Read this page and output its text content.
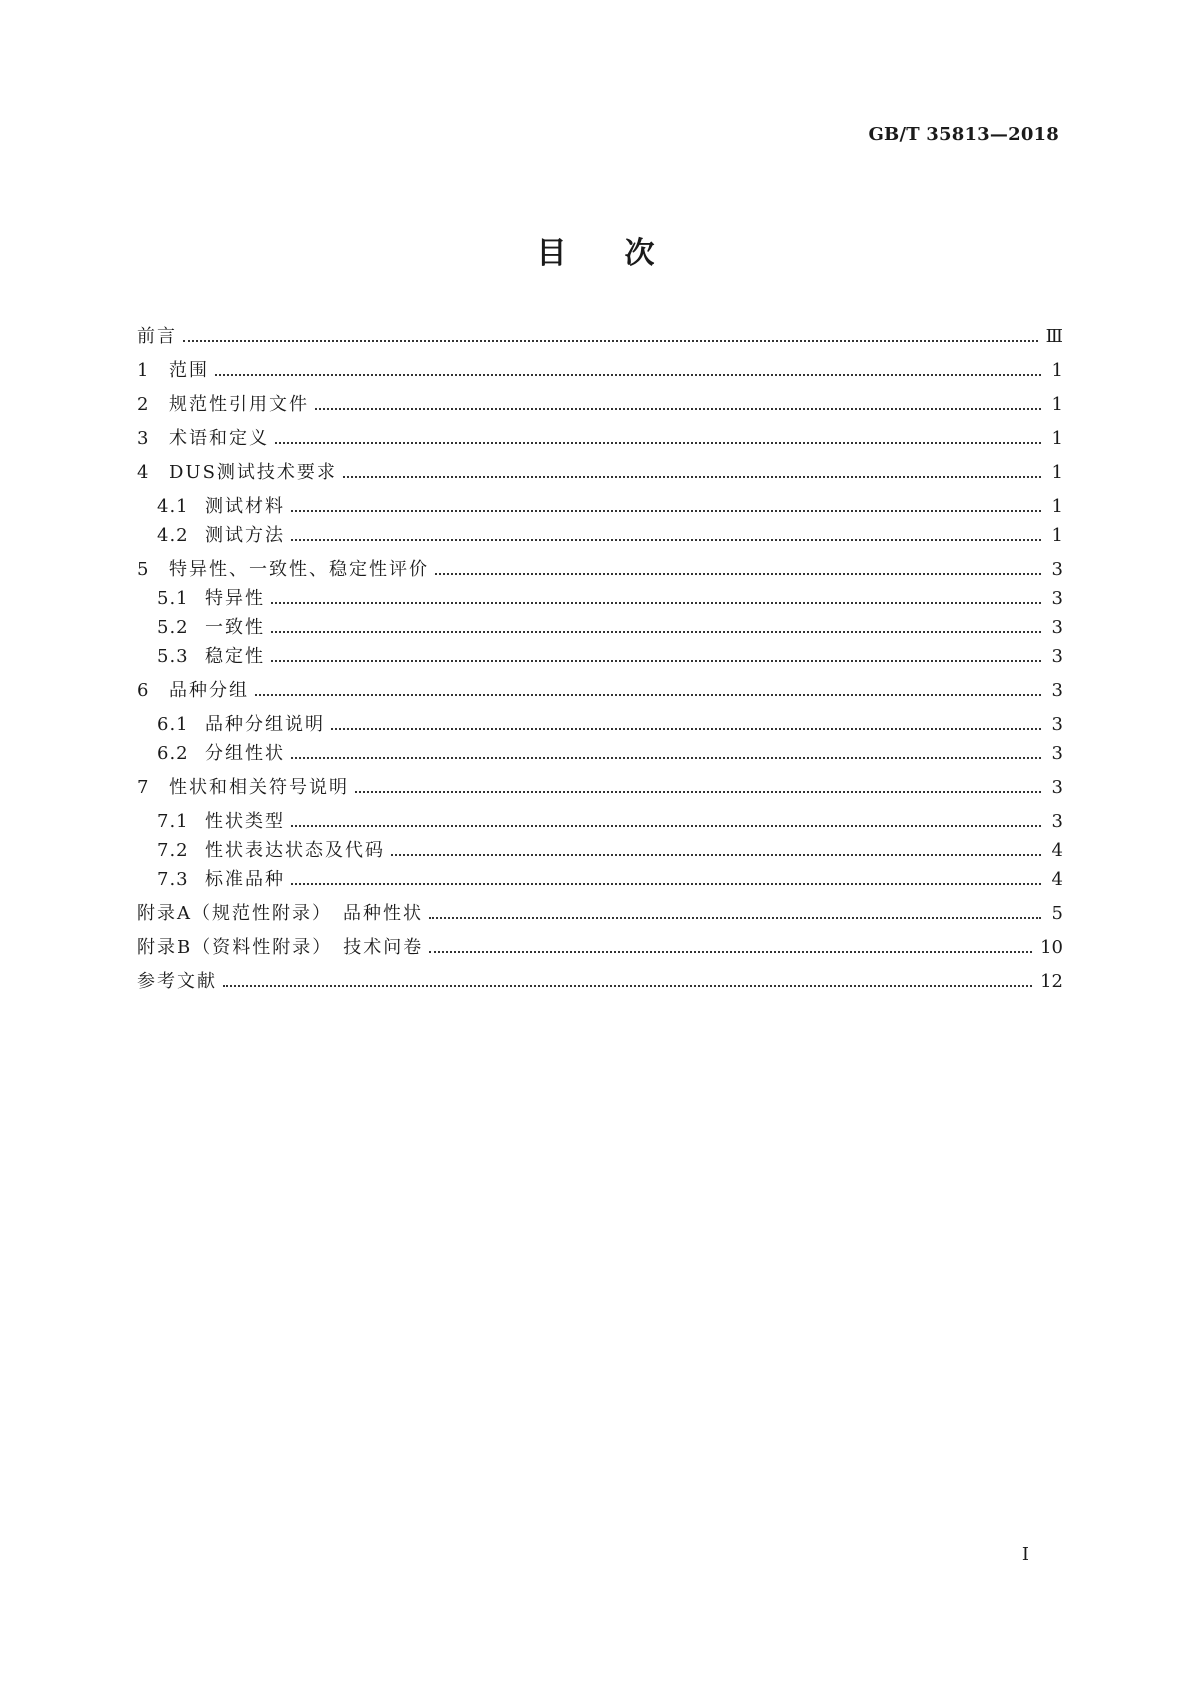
GB/T 35813—2018
目次
前言	Ⅲ
1	范围	1
2	规范性引用文件	1
3	术语和定义	1
4	DUS测试技术要求	1
4.1 测试材料	1
4.2 测试方法	1
5	特异性、一致性、稳定性评价	3
5.1 特异性	3
5.2 一致性	3
5.3 稳定性	3
6	品种分组	3
6.1 品种分组说明	3
6.2 分组性状	3
7	性状和相关符号说明	3
7.1 性状类型	3
7.2 性状表达状态及代码	4
7.3 标准品种	4
附录A（规范性附录）　品种性状	5
附录B（资料性附录）　技术问卷	10
参考文献	12
I
